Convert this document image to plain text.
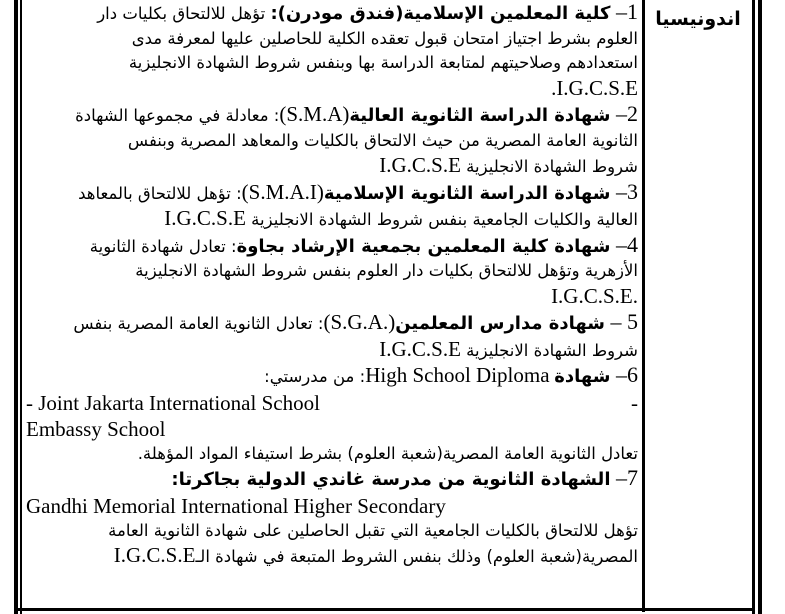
اندونيسيا

1– كلية المعلمين الإسلامية(فندق مودرن): تؤهل للالتحاق بكليات دار

العلوم بشرط اجتياز امتحان قبول تعقده الكلية للحاصلين عليها لمعرفة مدى

استعدادهم وصلاحيتهم لمتابعة الدراسة بها وبنفس شروط الشهادة الانجليزية

I.G.C.S.E.

2– شهادة الدراسة الثانوية العالية(S.M.A): معادلة في مجموعها الشهادة

الثانوية العامة المصرية من حيث الالتحاق بالكليات والمعاهد المصرية وبنفس

شروط الشهادة الانجليزية I.G.C.S.E

3– شهادة الدراسة الثانوية الإسلامية(S.M.A.I): تؤهل للالتحاق بالمعاهد

العالية والكليات الجامعية بنفس شروط الشهادة الانجليزية I.G.C.S.E

4– شهادة كلية المعلمين بجمعية الإرشاد بجاوة: تعادل شهادة الثانوية

الأزهرية وتؤهل للالتحاق بكليات دار العلوم بنفس شروط الشهادة الانجليزية

.I.G.C.S.E

5 – شهادة مدارس المعلمين(.S.G.A): تعادل الثانوية العامة المصرية بنفس

شروط الشهادة الانجليزية I.G.C.S.E

6– شهادة High School Diploma: من مدرستي:

- Joint Jakarta International School	-
Embassy School

تعادل الثانوية العامة المصرية(شعبة العلوم) بشرط استيفاء المواد المؤهلة.

7– الشهادة الثانوية من مدرسة غاندي الدولية بجاكرتا:

Gandhi Memorial International Higher Secondary

تؤهل للالتحاق بالكليات الجامعية التي تقبل الحاصلين على شهادة الثانوية العامة

المصرية(شعبة العلوم) وذلك بنفس الشروط المتبعة في شهادة الـI.G.C.S.E
